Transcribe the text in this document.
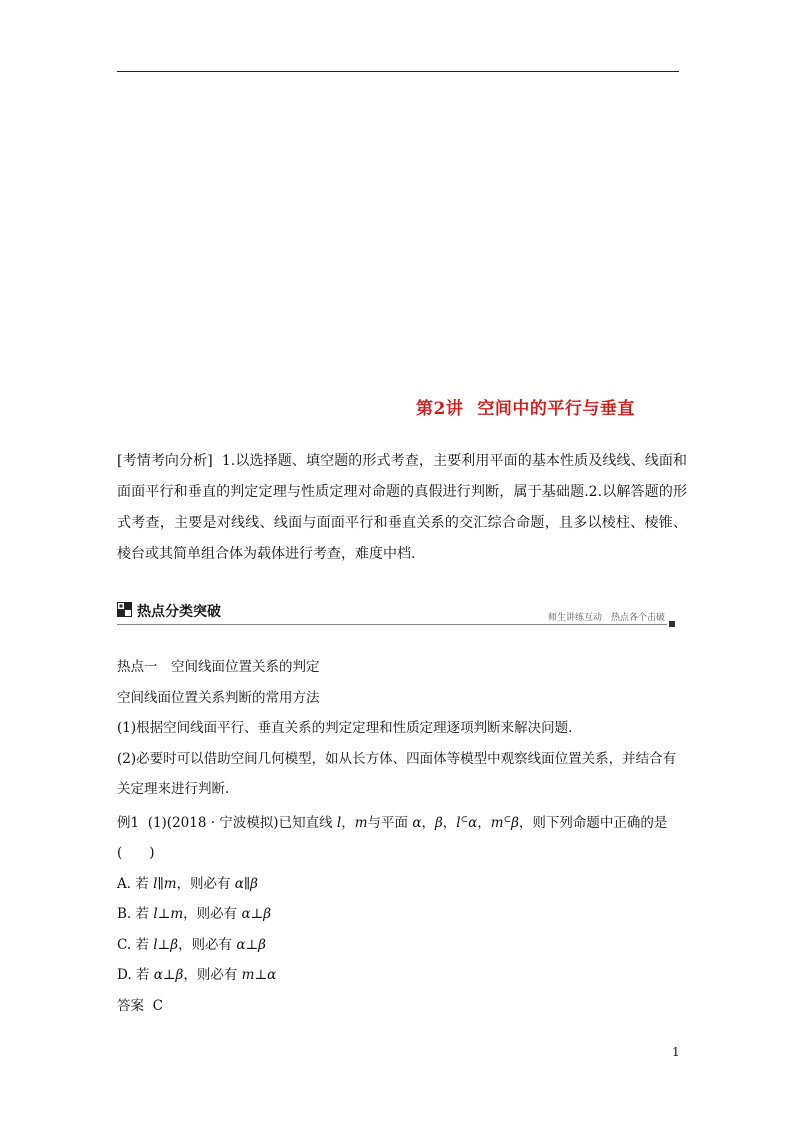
第2讲 空间中的平行与垂直

[考情考向分析] 1.以选择题、填空题的形式考查，主要利用平面的基本性质及线线、线面和面面平行和垂直的判定定理与性质定理对命题的真假进行判断，属于基础题.2.以解答题的形式考查，主要是对线线、线面与面面平行和垂直关系的交汇综合命题，且多以棱柱、棱锥、棱台或其简单组合体为载体进行考查，难度中档.

热点分类突破	师生讲练互动　热点各个击破

热点一　空间线面位置关系的判定

空间线面位置关系判断的常用方法

(1)根据空间线面平行、垂直关系的判定定理和性质定理逐项判断来解决问题.

(2)必要时可以借助空间几何模型，如从长方体、四面体等模型中观察线面位置关系，并结合有关定理来进行判断.

例1 (1)(2018 · 宁波模拟)已知直线 l，m与平面 α，β，l⊂α，m⊂β，则下列命题中正确的是(　　)

A. 若 l∥m，则必有 α∥β

B. 若 l⊥m，则必有 α⊥β

C. 若 l⊥β，则必有 α⊥β

D. 若 α⊥β，则必有 m⊥α

答案 C

1
